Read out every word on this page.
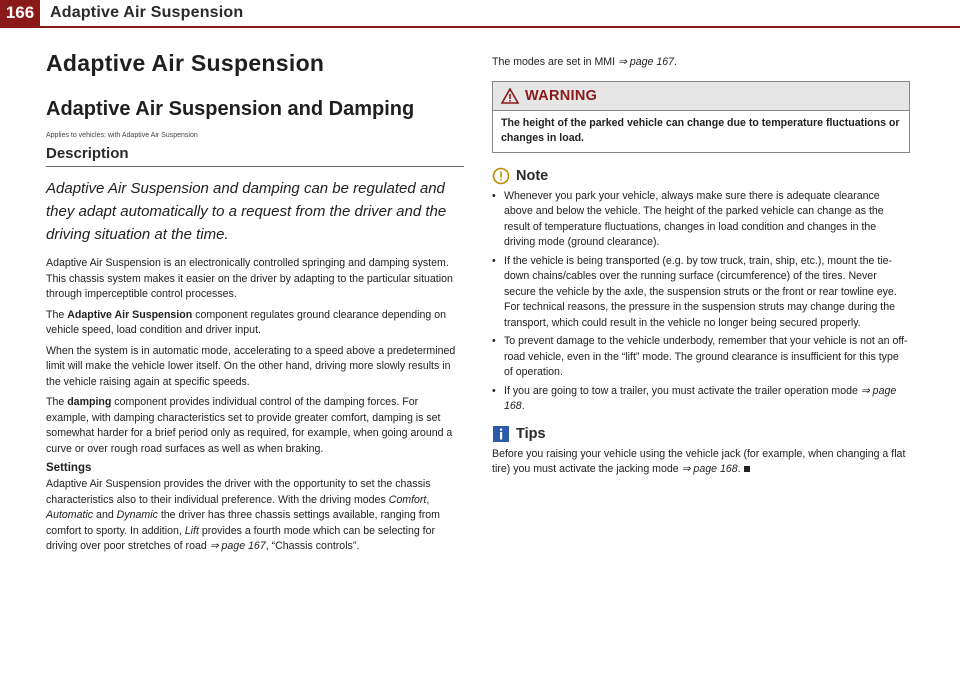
166 Adaptive Air Suspension
Adaptive Air Suspension
Adaptive Air Suspension and Damping
Applies to vehicles: with Adaptive Air Suspension
Description
Adaptive Air Suspension and damping can be regulated and they adapt automatically to a request from the driver and the driving situation at the time.

Adaptive Air Suspension is an electronically controlled springing and damping system. This chassis system makes it easier on the driver by adapting to the particular situation through imperceptible control processes.

The Adaptive Air Suspension component regulates ground clearance depending on vehicle speed, load condition and driver input.

When the system is in automatic mode, accelerating to a speed above a predetermined limit will make the vehicle lower itself. On the other hand, driving more slowly results in the vehicle raising again at specific speeds.

The damping component provides individual control of the damping forces. For example, with damping characteristics set to provide greater comfort, damping is set somewhat harder for a brief period only as required, for example, when going around a curve or over rough road surfaces as well as when braking.

Settings

Adaptive Air Suspension provides the driver with the opportunity to set the chassis characteristics also to their individual preference. With the driving modes Comfort, Automatic and Dynamic the driver has three chassis settings available, ranging from comfort to sporty. In addition, Lift provides a fourth mode which can be selecting for driving over poor stretches of road ⇒ page 167, “Chassis controls”.

The modes are set in MMI ⇒ page 167.

WARNING
The height of the parked vehicle can change due to temperature fluctuations or changes in load.
Note
• Whenever you park your vehicle, always make sure there is adequate clearance above and below the vehicle. The height of the parked vehicle can change as the result of temperature fluctuations, changes in load condition and changes in the driving mode (ground clearance).
• If the vehicle is being transported (e.g. by tow truck, train, ship, etc.), mount the tie-down chains/cables over the running surface (circumference) of the tires. Never secure the vehicle by the axle, the suspension struts or the front or rear towline eye. For technical reasons, the pressure in the suspension struts may change during the transport, which could result in the vehicle no longer being secured properly.
• To prevent damage to the vehicle underbody, remember that your vehicle is not an off-road vehicle, even in the “lift” mode. The ground clearance is insufficient for this type of operation.
• If you are going to tow a trailer, you must activate the trailer operation mode ⇒ page 168.
Tips

Before you raising your vehicle using the vehicle jack (for example, when changing a flat tire) you must activate the jacking mode ⇒ page 168.
